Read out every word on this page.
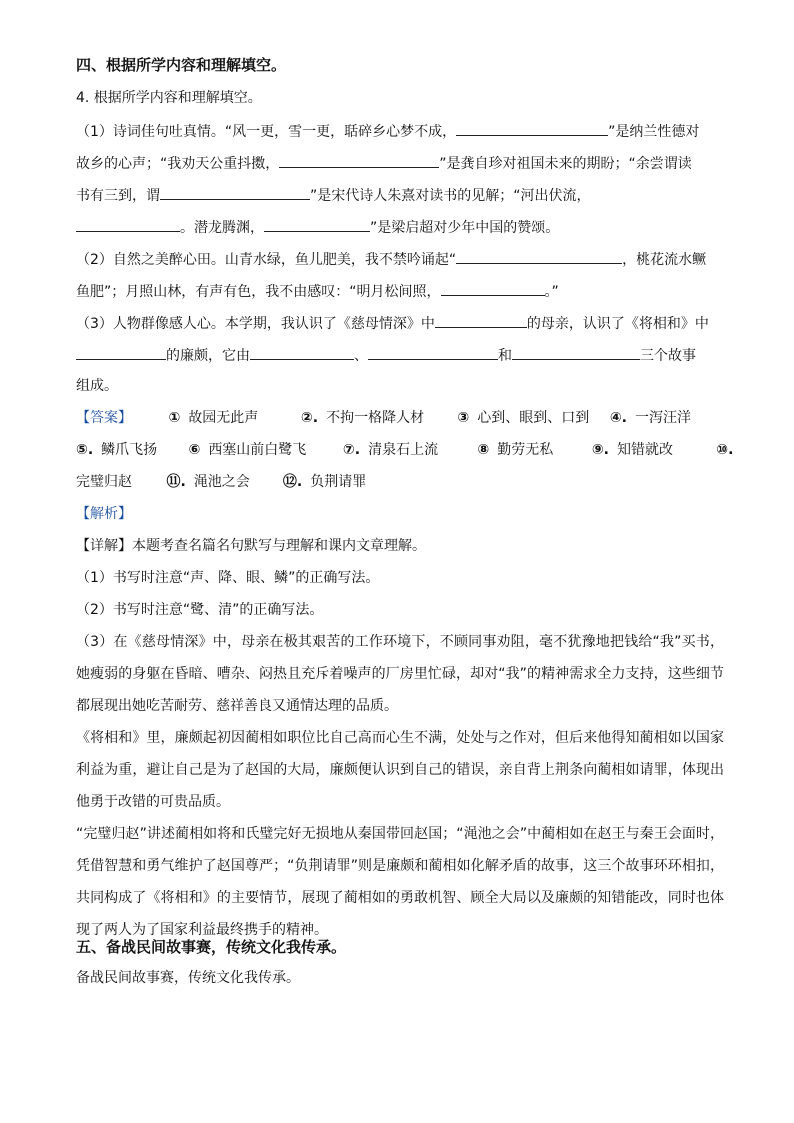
四、根据所学内容和理解填空。
4. 根据所学内容和理解填空。
（1）诗词佳句吐真情。“风一更，雪一更，聒碎乡心梦不成，	”是纳兰性德对
故乡的心声；“我劝天公重抖擞，	”是龚自珍对祖国未来的期盼；“余尝谓读
书有三到，谓	”是宋代诗人朱熹对读书的见解；“河出伏流，
。潜龙腾渊，	”是梁启超对少年中国的赞颂。
（2）自然之美醉心田。山青水绿，鱼儿肥美，我不禁吟诵起“	，桃花流水鳜
鱼肥”；月照山林，有声有色，我不由感叹：“明月松间照，	。”
（3）人物群像感人心。本学期，我认识了《慈母情深》中	的母亲，认识了《将相和》中
的廉颇，它由	、	和	三个故事
组成。
【答案】	① 故园无此声	②. 不拘一格降人材 ③ 心到、眼到、口到 ④. 一泻汪洋
⑤. 鳞爪飞扬 ⑥ 西塞山前白鹭飞	⑦. 清泉石上流	⑧ 勤劳无私	⑨. 知错就改	⑩.
完璧归赵 ⑪. 渑池之会 ⑫. 负荆请罪
【解析】
【详解】本题考查名篇名句默写与理解和课内文章理解。
（1）书写时注意“声、降、眼、鳞”的正确写法。
（2）书写时注意“鹭、清”的正确写法。
（3）在《慈母情深》中，母亲在极其艰苦的工作环境下，不顾同事劝阻，毫不犹豫地把钱给“我”买书，她瘦弱的身躯在昏暗、嘈杂、闷热且充斥着噪声的厂房里忙碌，却对“我”的精神需求全力支持，这些细节都展现出她吃苦耐劳、慈祥善良又通情达理的品质。
《将相和》里，廉颇起初因蔺相如职位比自己高而心生不满，处处与之作对，但后来他得知蔺相如以国家利益为重，避让自己是为了赵国的大局，廉颇便认识到自己的错误，亲自背上荆条向蔺相如请罪，体现出他勇于改错的可贵品质。
“完璧归赵”讲述蔺相如将和氏璧完好无损地从秦国带回赵国；“渑池之会”中蔺相如在赵王与秦王会面时，凭借智慧和勇气维护了赵国尊严；“负荆请罪”则是廉颇和蔺相如化解矛盾的故事，这三个故事环环相扣，共同构成了《将相和》的主要情节，展现了蔺相如的勇敢机智、顾全大局以及廉颇的知错能改，同时也体现了两人为了国家利益最终携手的精神。
五、备战民间故事赛，传统文化我传承。
备战民间故事赛，传统文化我传承。
